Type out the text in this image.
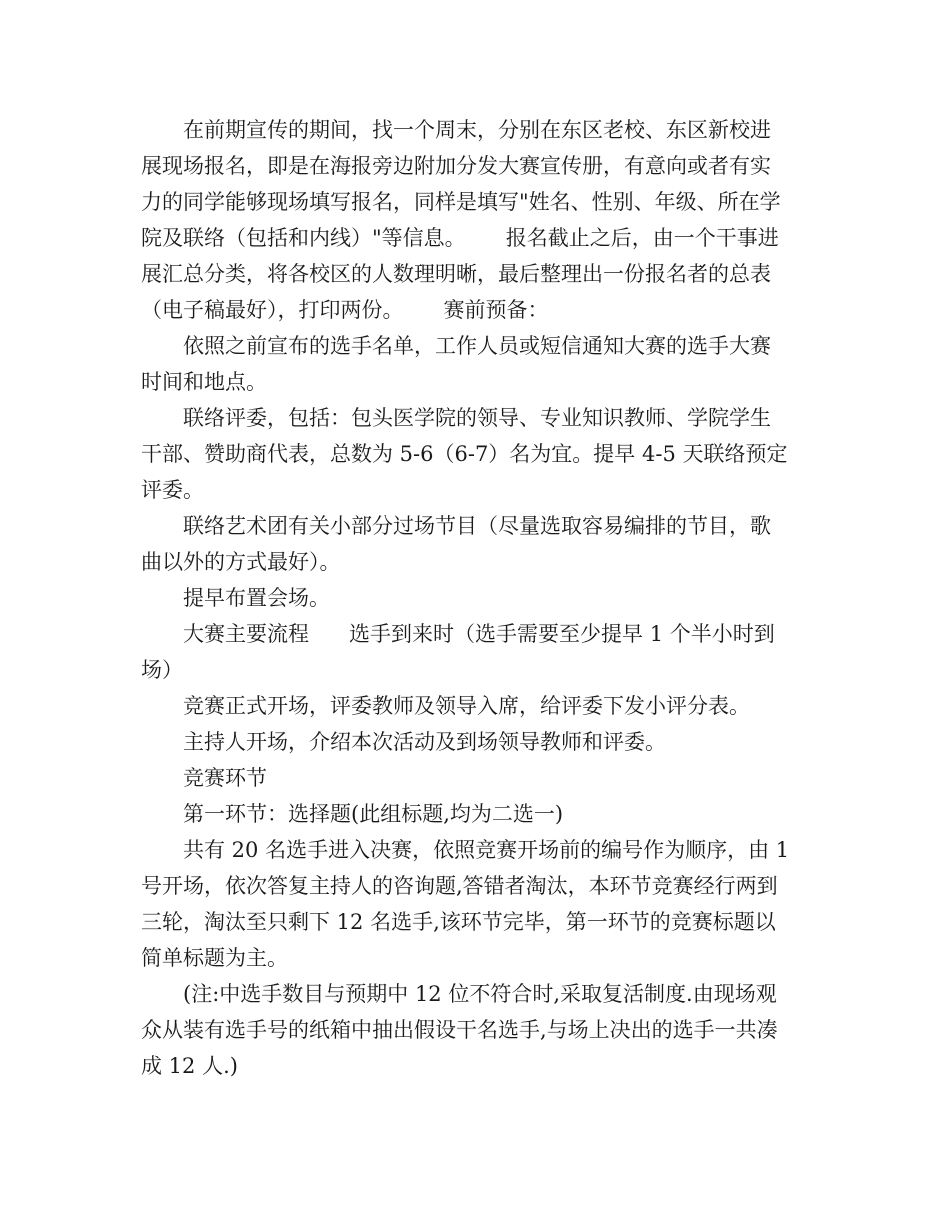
在前期宣传的期间，找一个周末，分别在东区老校、东区新校进
展现场报名，即是在海报旁边附加分发大赛宣传册，有意向或者有实
力的同学能够现场填写报名，同样是填写"姓名、性别、年级、所在学
院及联络（包括和内线）"等信息。      报名截止之后，由一个干事进
展汇总分类，将各校区的人数理明晰，最后整理出一份报名者的总表
（电子稿最好），打印两份。      赛前预备：
依照之前宣布的选手名单，工作人员或短信通知大赛的选手大赛
时间和地点。
联络评委，包括：包头医学院的领导、专业知识教师、学院学生
干部、赞助商代表，总数为 5-6（6-7）名为宜。提早 4-5 天联络预定
评委。
联络艺术团有关小部分过场节目（尽量选取容易编排的节目，歌
曲以外的方式最好）。
提早布置会场。
大赛主要流程      选手到来时（选手需要至少提早 1 个半小时到
场）
竞赛正式开场，评委教师及领导入席，给评委下发小评分表。
主持人开场，介绍本次活动及到场领导教师和评委。
竞赛环节
第一环节：选择题(此组标题,均为二选一)
共有 20 名选手进入决赛，依照竞赛开场前的编号作为顺序，由 1
号开场，依次答复主持人的咨询题,答错者淘汰，本环节竞赛经行两到
三轮，淘汰至只剩下 12 名选手,该环节完毕，第一环节的竞赛标题以
简单标题为主。
(注:中选手数目与预期中 12 位不符合时,采取复活制度.由现场观
众从装有选手号的纸箱中抽出假设干名选手,与场上决出的选手一共凑
成 12 人.)
